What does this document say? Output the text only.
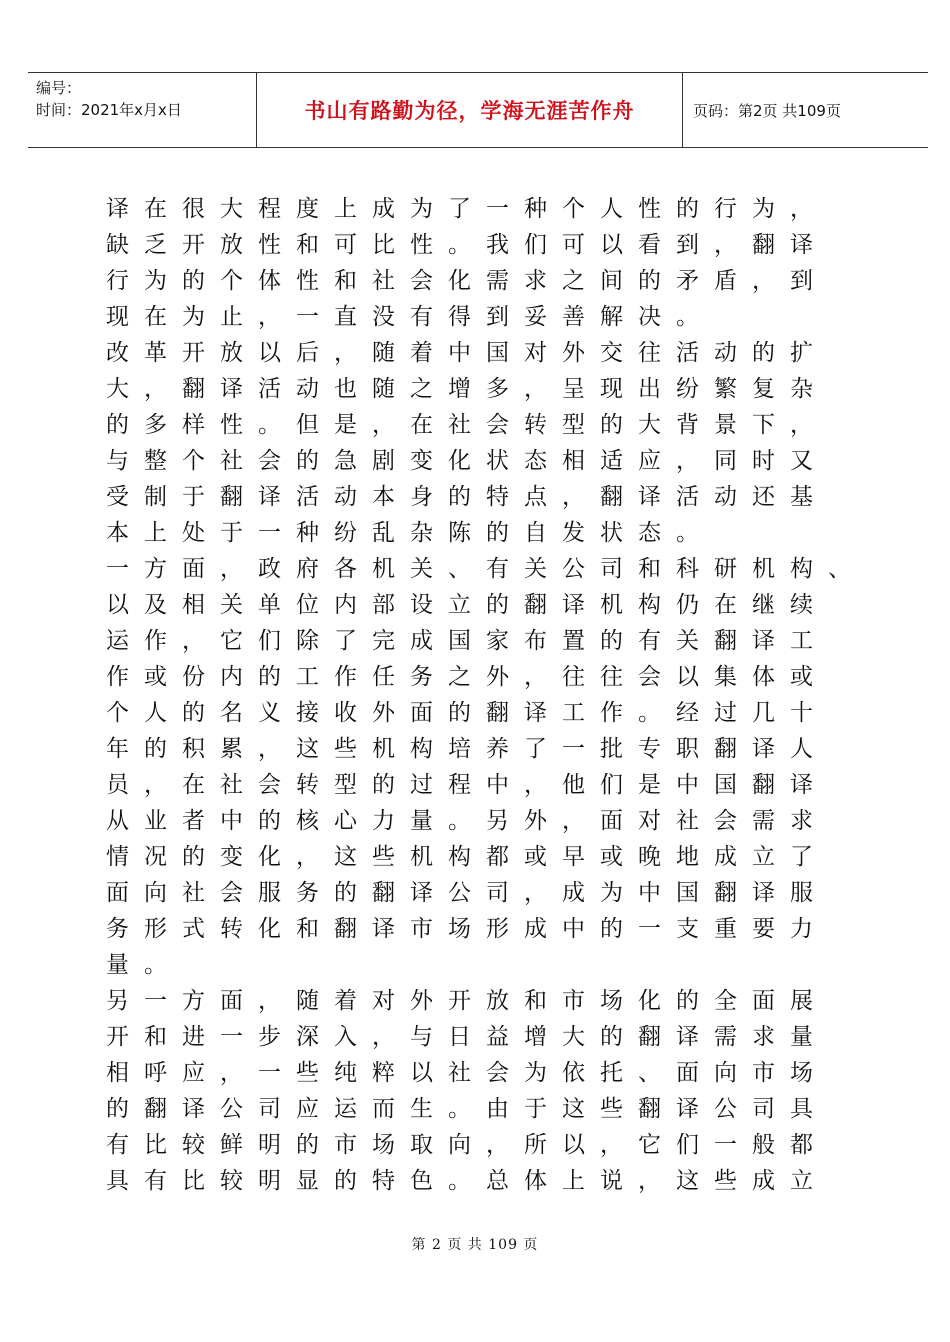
编号：
时间：2021年x月x日	书山有路勤为径，学海无涯苦作舟	页码：第2页 共109页

译在很大程度上成为了一种个人性的行为，

缺乏开放性和可比性。我们可以看到，翻译

行为的个体性和社会化需求之间的矛盾，到

现在为止，一直没有得到妥善解决。

改革开放以后，随着中国对外交往活动的扩

大，翻译活动也随之增多，呈现出纷繁复杂

的多样性。但是，在社会转型的大背景下，

与整个社会的急剧变化状态相适应，同时又

受制于翻译活动本身的特点，翻译活动还基

本上处于一种纷乱杂陈的自发状态。

一方面，政府各机关、有关公司和科研机构、

以及相关单位内部设立的翻译机构仍在继续

运作，它们除了完成国家布置的有关翻译工

作或份内的工作任务之外，往往会以集体或

个人的名义接收外面的翻译工作。经过几十

年的积累，这些机构培养了一批专职翻译人

员，在社会转型的过程中，他们是中国翻译

从业者中的核心力量。另外，面对社会需求

情况的变化，这些机构都或早或晚地成立了

面向社会服务的翻译公司，成为中国翻译服

务形式转化和翻译市场形成中的一支重要力

量。

另一方面，随着对外开放和市场化的全面展

开和进一步深入，与日益增大的翻译需求量

相呼应，一些纯粹以社会为依托、面向市场

的翻译公司应运而生。由于这些翻译公司具

有比较鲜明的市场取向，所以，它们一般都

具有比较明显的特色。总体上说，这些成立

第 2 页 共 109 页
